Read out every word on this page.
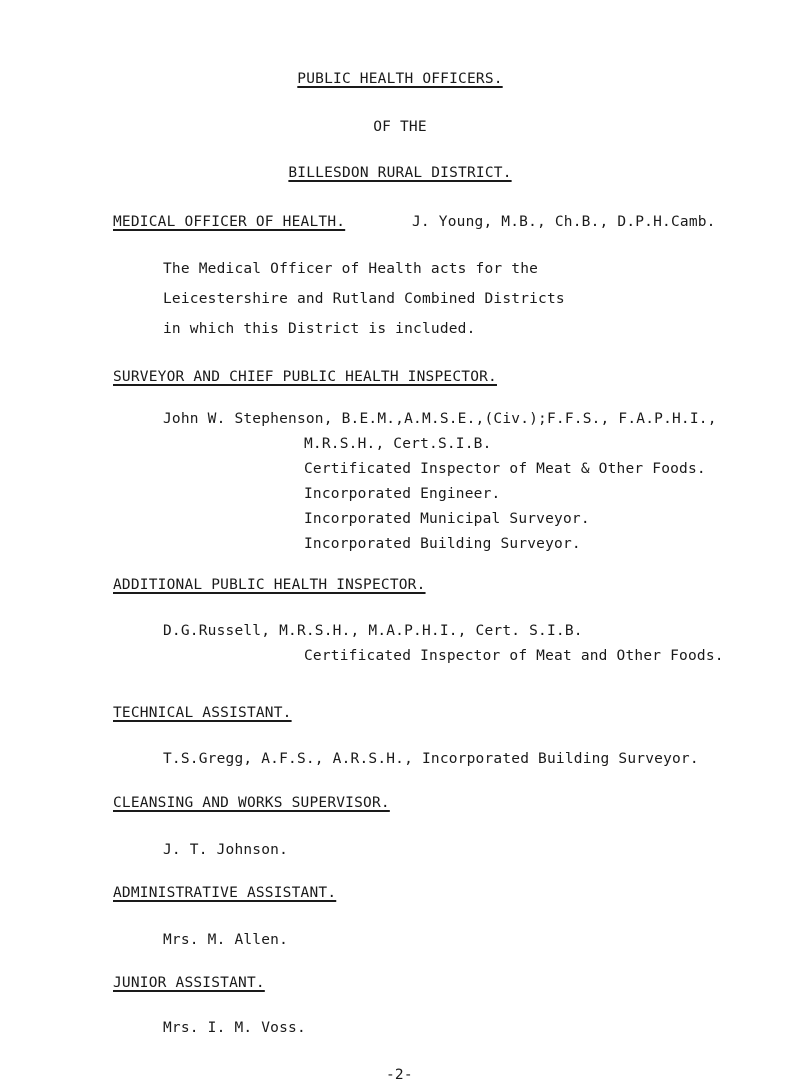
PUBLIC HEALTH OFFICERS.
OF THE
BILLESDON RURAL DISTRICT.
MEDICAL OFFICER OF HEALTH.	J. Young, M.B., Ch.B., D.P.H.Camb.
The Medical Officer of Health acts for the
Leicestershire and Rutland Combined Districts
in which this District is included.
SURVEYOR AND CHIEF PUBLIC HEALTH INSPECTOR.
John W. Stephenson, B.E.M.,A.M.S.E.,(Civ.);F.F.S., F.A.P.H.I.,
M.R.S.H., Cert.S.I.B.
Certificated Inspector of Meat & Other Foods.
Incorporated Engineer.
Incorporated Municipal Surveyor.
Incorporated Building Surveyor.
ADDITIONAL PUBLIC HEALTH INSPECTOR.
D.G.Russell, M.R.S.H., M.A.P.H.I., Cert. S.I.B.
Certificated Inspector of Meat and Other Foods.
TECHNICAL ASSISTANT.
T.S.Gregg, A.F.S., A.R.S.H., Incorporated Building Surveyor.
CLEANSING AND WORKS SUPERVISOR.
J. T. Johnson.
ADMINISTRATIVE ASSISTANT.
Mrs. M. Allen.
JUNIOR ASSISTANT.
Mrs. I. M. Voss.
-2-
